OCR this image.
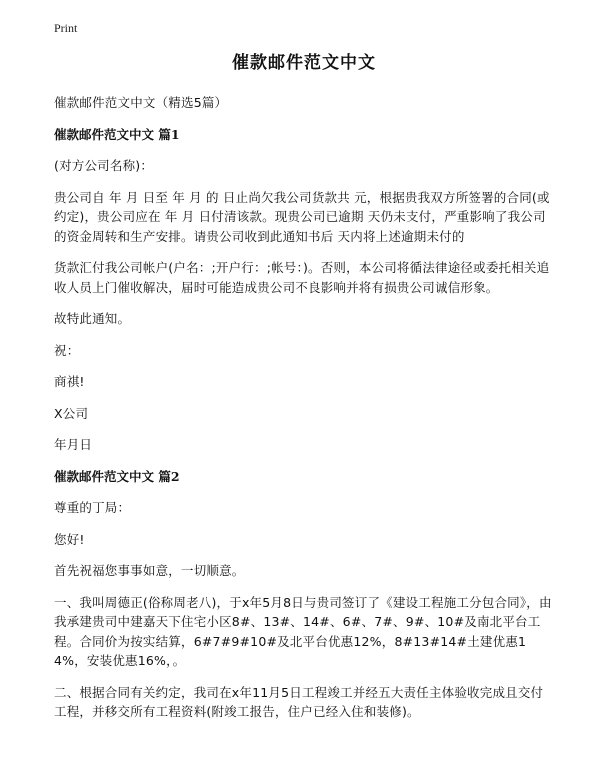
Print
催款邮件范文中文
催款邮件范文中文（精选5篇）
催款邮件范文中文 篇1
(对方公司名称)：
贵公司自 年 月 日至 年 月 的 日止尚欠我公司货款共 元，根据贵我双方所签署的合同(或约定)，贵公司应在 年 月 日付清该款。现贵公司已逾期 天仍未支付，严重影响了我公司的资金周转和生产安排。请贵公司收到此通知书后 天内将上述逾期未付的
货款汇付我公司帐户(户名：;开户行：;帐号：)。否则，本公司将循法律途径或委托相关追收人员上门催收解决，届时可能造成贵公司不良影响并将有损贵公司诚信形象。
故特此通知。
祝：
商祺!
X公司
年月日
催款邮件范文中文 篇2
尊重的丁局：
您好!
首先祝福您事事如意，一切顺意。
一、我叫周德正(俗称周老八)，于x年5月8日与贵司签订了《建设工程施工分包合同》，由我承建贵司中建嘉天下住宅小区8#、13#、14#、6#、7#、9#、10#及南北平台工程。合同价为按实结算，6#7#9#10#及北平台优惠12%，8#13#14#土建优惠14%，安装优惠16%，。
二、根据合同有关约定，我司在x年11月5日工程竣工并经五大责任主体验收完成且交付工程，并移交所有工程资料(附竣工报告，住户已经入住和装修)。
